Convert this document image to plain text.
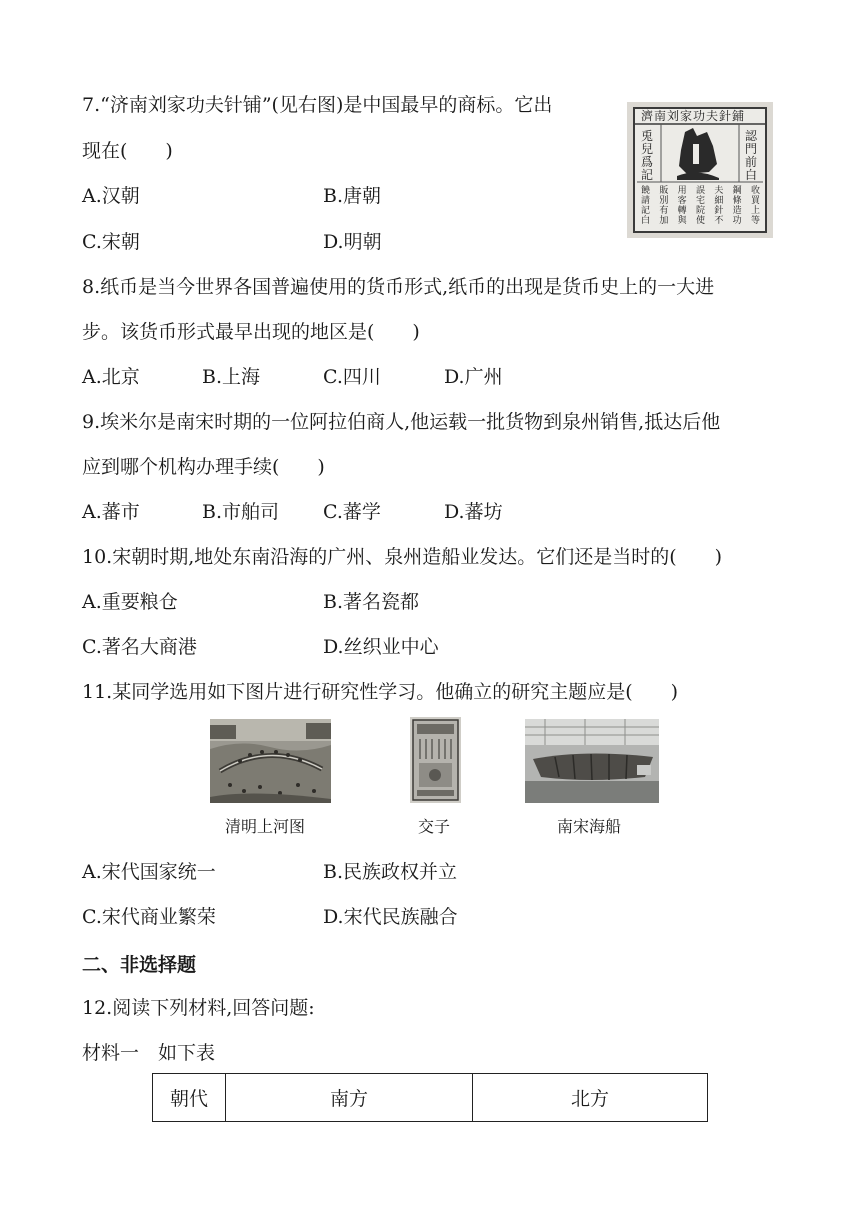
7.“济南刘家功夫针铺”(见右图)是中国最早的商标。它出
现在(　　)
A.汉朝	B.唐朝
C.宋朝	D.明朝
濟南刘家功夫針鋪
認門前白
兎兒爲記
收買上等
鋼條造功
夫細針不
誤宅院使
用客轉與
販別有加
饒請記白
8.纸币是当今世界各国普遍使用的货币形式,纸币的出现是货币史上的一大进
步。该货币形式最早出现的地区是(　　)
A.北京	B.上海	C.四川	D.广州
9.埃米尔是南宋时期的一位阿拉伯商人,他运载一批货物到泉州销售,抵达后他
应到哪个机构办理手续(　　)
A.蕃市	B.市舶司 C.蕃学	D.蕃坊
10.宋朝时期,地处东南沿海的广州、泉州造船业发达。它们还是当时的(　　)
A.重要粮仓	B.著名瓷都
C.著名大商港	D.丝织业中心
11.某同学选用如下图片进行研究性学习。他确立的研究主题应是(　　)
清明上河图	交子	南宋海船
A.宋代国家统一	B.民族政权并立
C.宋代商业繁荣	D.宋代民族融合
二、非选择题
12.阅读下列材料,回答问题:
材料一　如下表
朝代	南方	北方
